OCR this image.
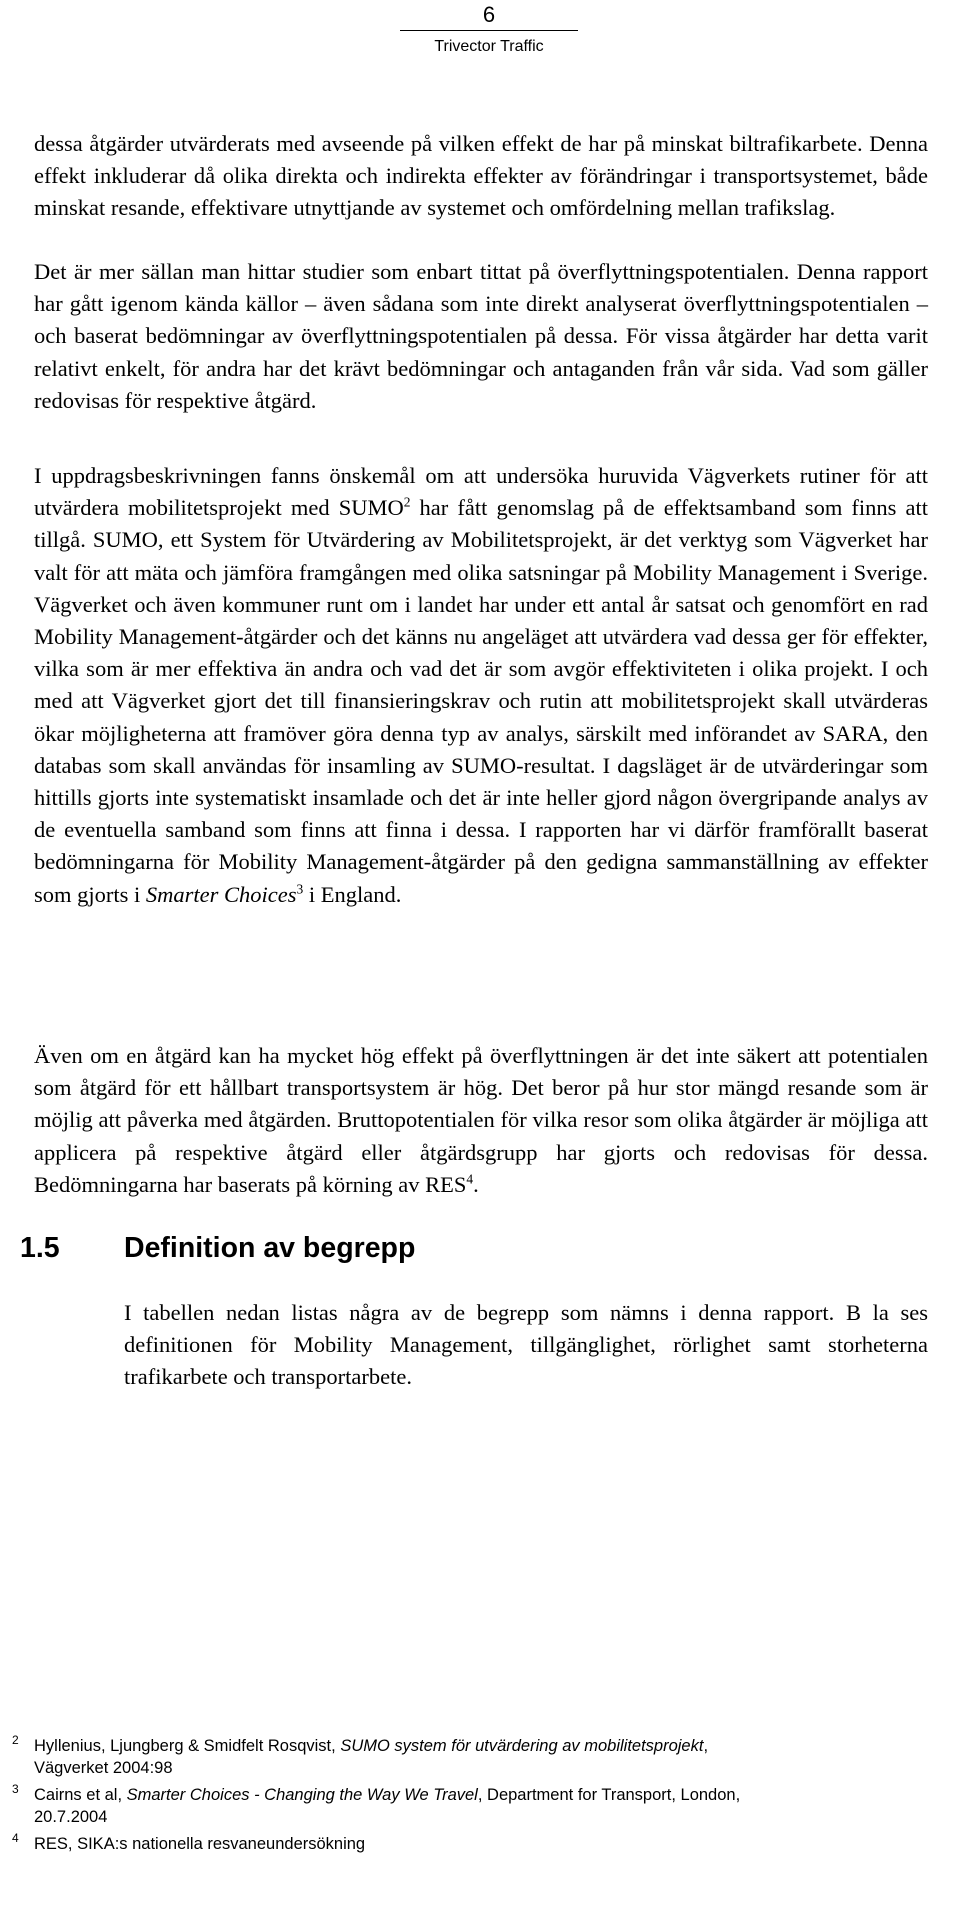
6
Trivector Traffic

dessa åtgärder utvärderats med avseende på vilken effekt de har på minskat biltrafikarbete. Denna effekt inkluderar då olika direkta och indirekta effekter av förändringar i transportsystemet, både minskat resande, effektivare utnyttjande av systemet och omfördelning mellan trafikslag.

Det är mer sällan man hittar studier som enbart tittat på överflyttningspotentialen. Denna rapport har gått igenom kända källor – även sådana som inte direkt analyserat överflyttningspotentialen – och baserat bedömningar av överflyttningspotentialen på dessa. För vissa åtgärder har detta varit relativt enkelt, för andra har det krävt bedömningar och antaganden från vår sida. Vad som gäller redovisas för respektive åtgärd.

I uppdragsbeskrivningen fanns önskemål om att undersöka huruvida Vägverkets rutiner för att utvärdera mobilitetsprojekt med SUMO$^2$ har fått genomslag på de effektsamband som finns att tillgå. SUMO, ett System för Utvärdering av Mobilitetsprojekt, är det verktyg som Vägverket har valt för att mäta och jämföra framgången med olika satsningar på Mobility Management i Sverige. Vägverket och även kommuner runt om i landet har under ett antal år satsat och genomfört en rad Mobility Management-åtgärder och det känns nu angeläget att utvärdera vad dessa ger för effekter, vilka som är mer effektiva än andra och vad det är som avgör effektiviteten i olika projekt. I och med att Vägverket gjort det till finansieringskrav och rutin att mobilitetsprojekt skall utvärderas ökar möjligheterna att framöver göra denna typ av analys, särskilt med införandet av SARA, den databas som skall användas för insamling av SUMO-resultat. I dagsläget är de utvärderingar som hittills gjorts inte systematiskt insamlade och det är inte heller gjord någon övergripande analys av de eventuella samband som finns att finna i dessa. I rapporten har vi därför framförallt baserat bedömningarna för Mobility Management-åtgärder på den gedigna sammanställning av effekter som gjorts i Smarter Choices$^3$ i England.

Även om en åtgärd kan ha mycket hög effekt på överflyttningen är det inte säkert att potentialen som åtgärd för ett hållbart transportsystem är hög. Det beror på hur stor mängd resande som är möjlig att påverka med åtgärden. Bruttopotentialen för vilka resor som olika åtgärder är möjliga att applicera på respektive åtgärd eller åtgärdsgrupp har gjorts och redovisas för dessa. Bedömningarna har baserats på körning av RES$^4$.

1.5 Definition av begrepp

I tabellen nedan listas några av de begrepp som nämns i denna rapport. B la ses definitionen för Mobility Management, tillgänglighet, rörlighet samt storheterna trafikarbete och transportarbete.

2 Hyllenius, Ljungberg & Smidfelt Rosqvist, SUMO system för utvärdering av mobilitetsprojekt, Vägverket 2004:98
3 Cairns et al, Smarter Choices - Changing the Way We Travel, Department for Transport, London, 20.7.2004
4 RES, SIKA:s nationella resvaneundersökning
